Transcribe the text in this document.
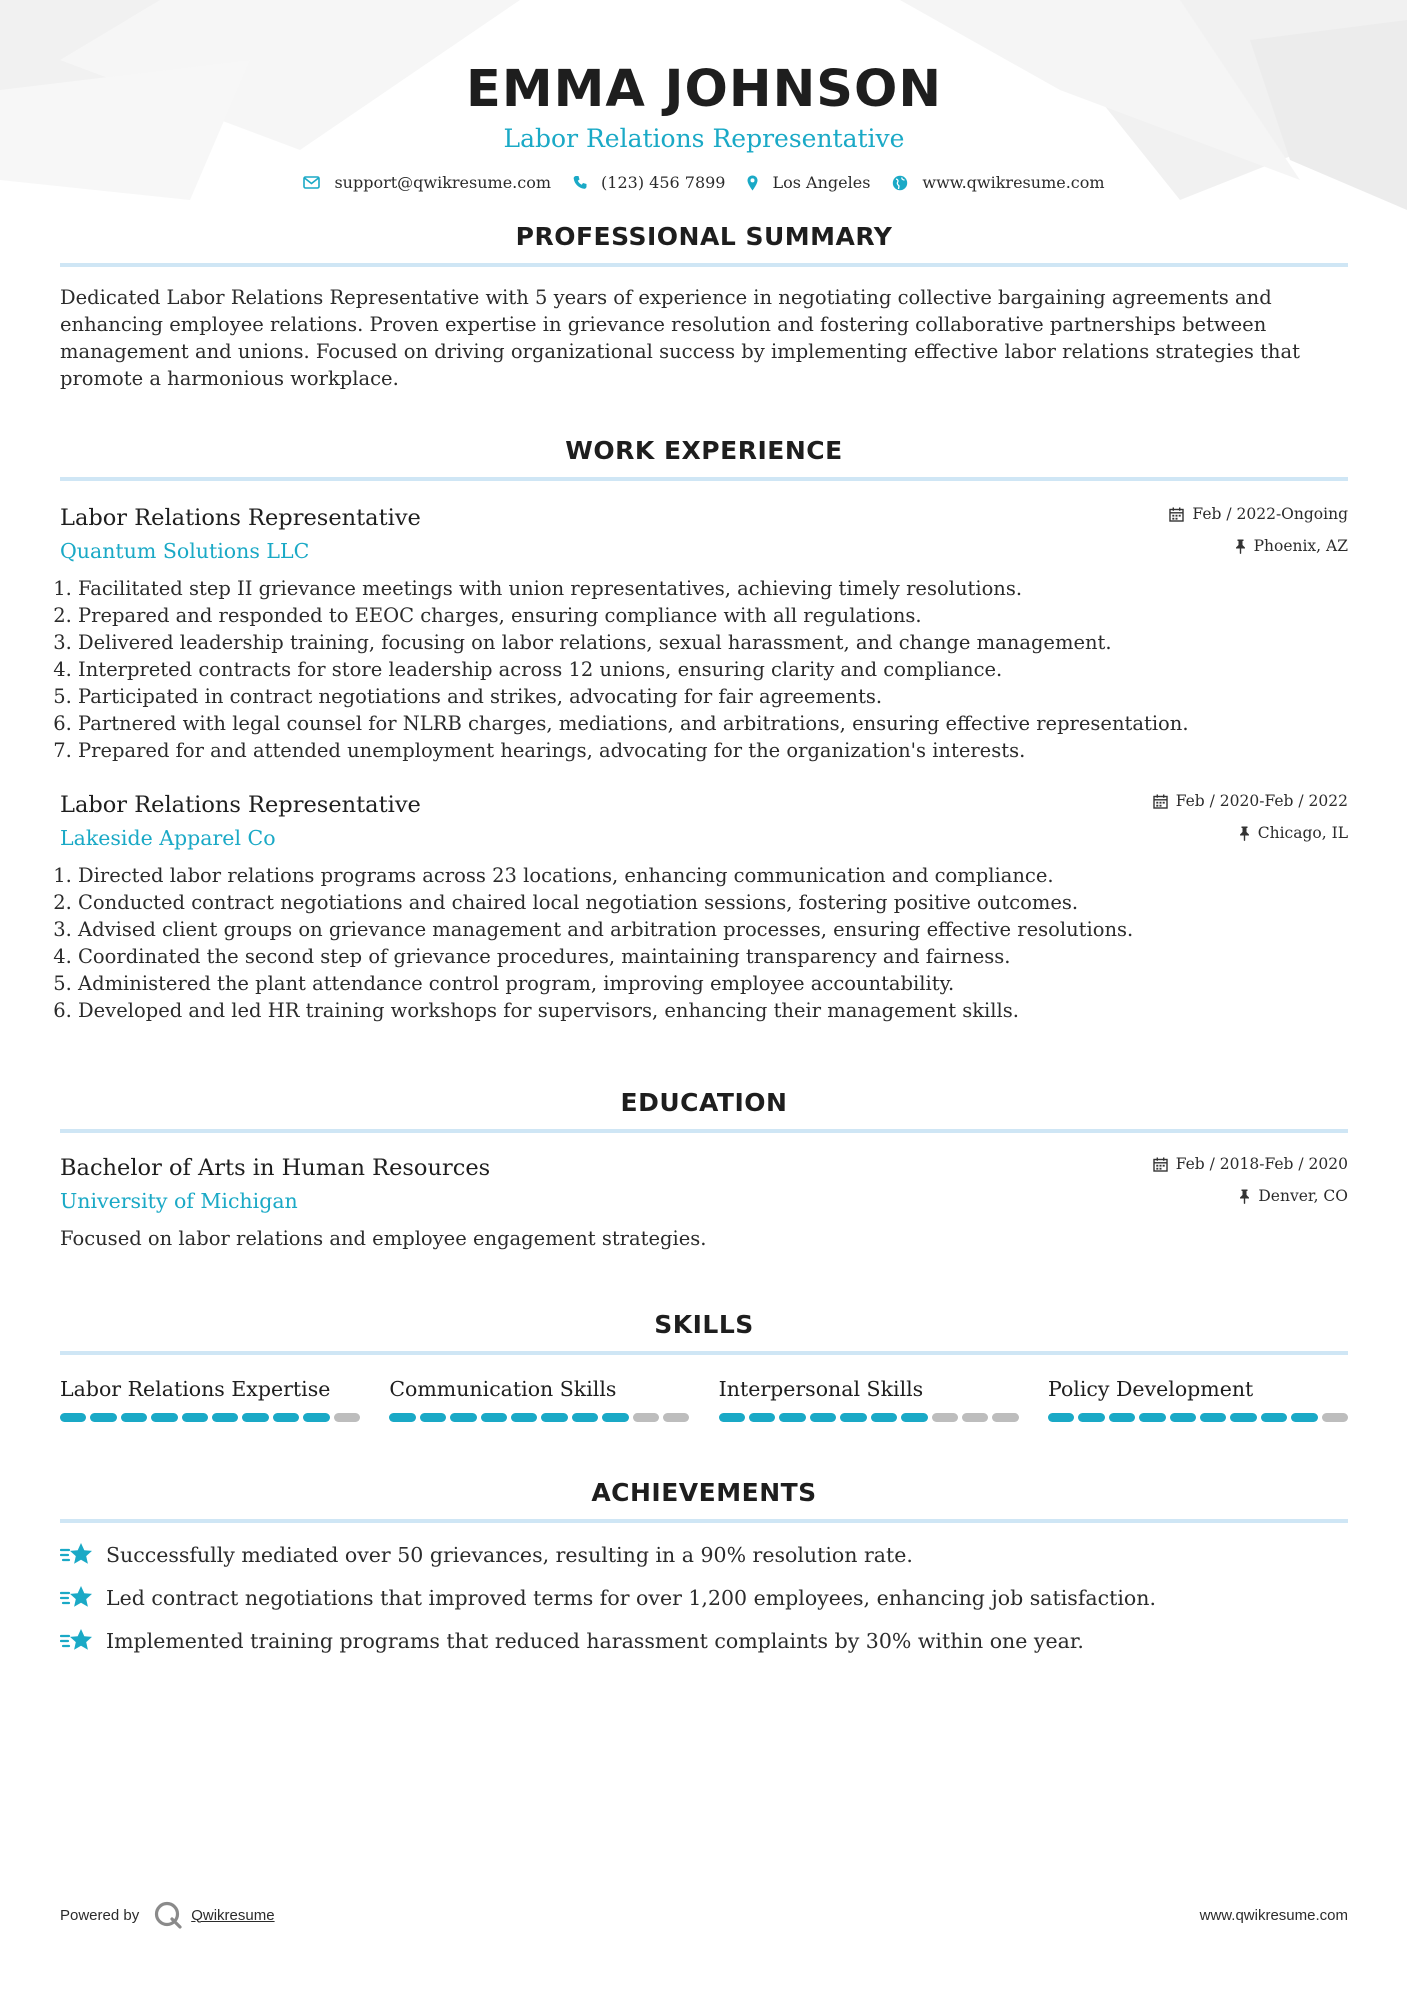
EMMA JOHNSON
Labor Relations Representative
support@qwikresume.com	(123) 456 7899	Los Angeles	www.qwikresume.com
PROFESSIONAL SUMMARY
Dedicated Labor Relations Representative with 5 years of experience in negotiating collective bargaining agreements and enhancing employee relations. Proven expertise in grievance resolution and fostering collaborative partnerships between management and unions. Focused on driving organizational success by implementing effective labor relations strategies that promote a harmonious workplace.
WORK EXPERIENCE
Labor Relations Representative
Quantum Solutions LLC
Feb / 2022-Ongoing
Phoenix, AZ
1. Facilitated step II grievance meetings with union representatives, achieving timely resolutions.
2. Prepared and responded to EEOC charges, ensuring compliance with all regulations.
3. Delivered leadership training, focusing on labor relations, sexual harassment, and change management.
4. Interpreted contracts for store leadership across 12 unions, ensuring clarity and compliance.
5. Participated in contract negotiations and strikes, advocating for fair agreements.
6. Partnered with legal counsel for NLRB charges, mediations, and arbitrations, ensuring effective representation.
7. Prepared for and attended unemployment hearings, advocating for the organization's interests.
Labor Relations Representative
Lakeside Apparel Co
Feb / 2020-Feb / 2022
Chicago, IL
1. Directed labor relations programs across 23 locations, enhancing communication and compliance.
2. Conducted contract negotiations and chaired local negotiation sessions, fostering positive outcomes.
3. Advised client groups on grievance management and arbitration processes, ensuring effective resolutions.
4. Coordinated the second step of grievance procedures, maintaining transparency and fairness.
5. Administered the plant attendance control program, improving employee accountability.
6. Developed and led HR training workshops for supervisors, enhancing their management skills.
EDUCATION
Bachelor of Arts in Human Resources
University of Michigan
Feb / 2018-Feb / 2020
Denver, CO
Focused on labor relations and employee engagement strategies.
SKILLS
Labor Relations Expertise	Communication Skills	Interpersonal Skills	Policy Development
ACHIEVEMENTS
Successfully mediated over 50 grievances, resulting in a 90% resolution rate.
Led contract negotiations that improved terms for over 1,200 employees, enhancing job satisfaction.
Implemented training programs that reduced harassment complaints by 30% within one year.
Powered by	Qwikresume	www.qwikresume.com
